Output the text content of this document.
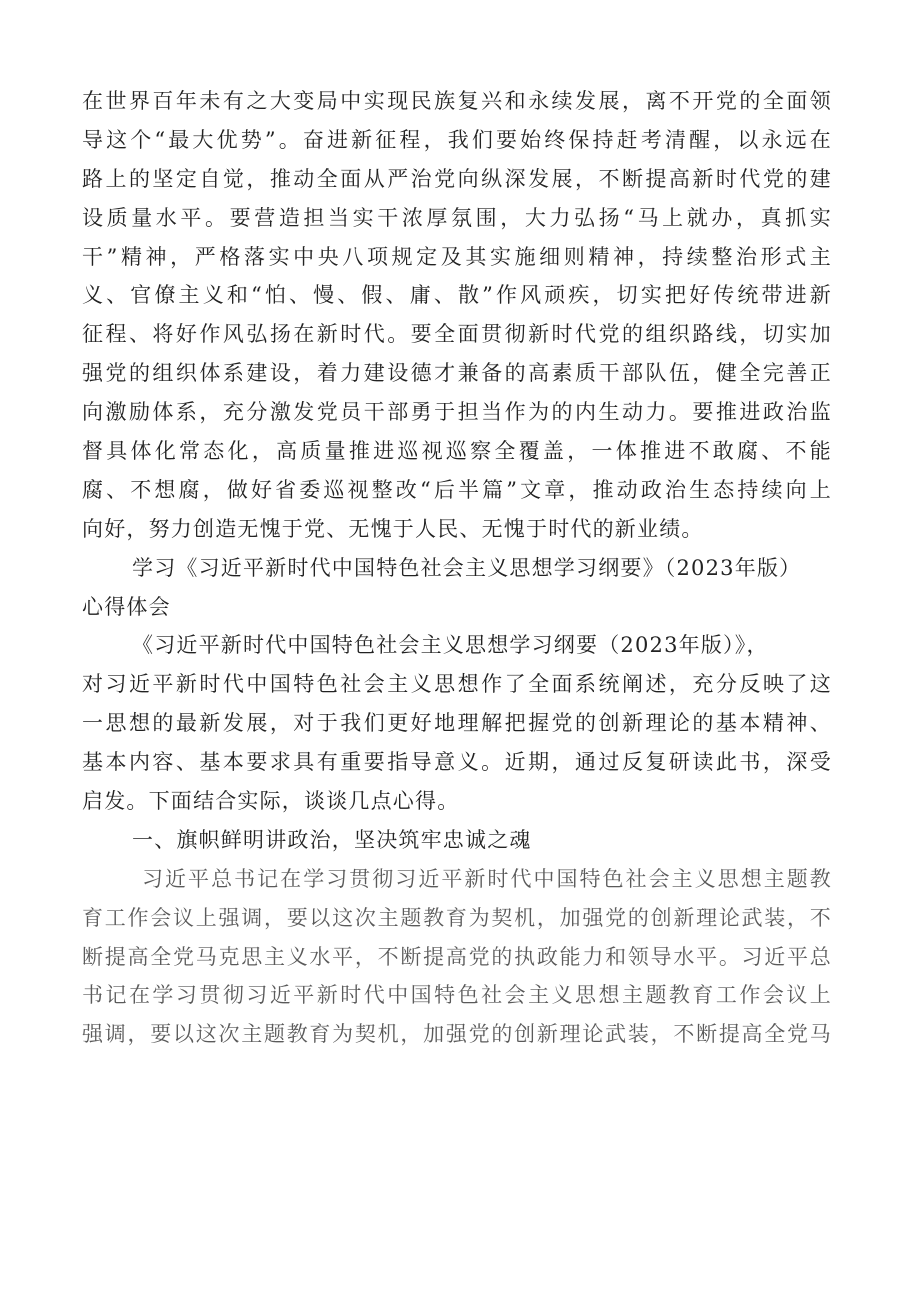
在世界百年未有之大变局中实现民族复兴和永续发展，离不开党的全面领
导这个“最大优势”。奋进新征程，我们要始终保持赶考清醒，以永远在
路上的坚定自觉，推动全面从严治党向纵深发展，不断提高新时代党的建
设质量水平。要营造担当实干浓厚氛围，大力弘扬“马上就办，真抓实
干”精神，严格落实中央八项规定及其实施细则精神，持续整治形式主
义、官僚主义和“怕、慢、假、庸、散”作风顽疾，切实把好传统带进新
征程、将好作风弘扬在新时代。要全面贯彻新时代党的组织路线，切实加
强党的组织体系建设，着力建设德才兼备的高素质干部队伍，健全完善正
向激励体系，充分激发党员干部勇于担当作为的内生动力。要推进政治监
督具体化常态化，高质量推进巡视巡察全覆盖，一体推进不敢腐、不能
腐、不想腐，做好省委巡视整改“后半篇”文章，推动政治生态持续向上
向好，努力创造无愧于党、无愧于人民、无愧于时代的新业绩。
学习《习近平新时代中国特色社会主义思想学习纲要》（2023年版）
心得体会
《习近平新时代中国特色社会主义思想学习纲要（2023年版）》，
对习近平新时代中国特色社会主义思想作了全面系统阐述，充分反映了这
一思想的最新发展，对于我们更好地理解把握党的创新理论的基本精神、
基本内容、基本要求具有重要指导意义。近期，通过反复研读此书，深受
启发。下面结合实际，谈谈几点心得。
一、旗帜鲜明讲政治，坚决筑牢忠诚之魂
习近平总书记在学习贯彻习近平新时代中国特色社会主义思想主题教
育工作会议上强调，要以这次主题教育为契机，加强党的创新理论武装，不
断提高全党马克思主义水平，不断提高党的执政能力和领导水平。习近平总
书记在学习贯彻习近平新时代中国特色社会主义思想主题教育工作会议上
强调，要以这次主题教育为契机，加强党的创新理论武装，不断提高全党马
